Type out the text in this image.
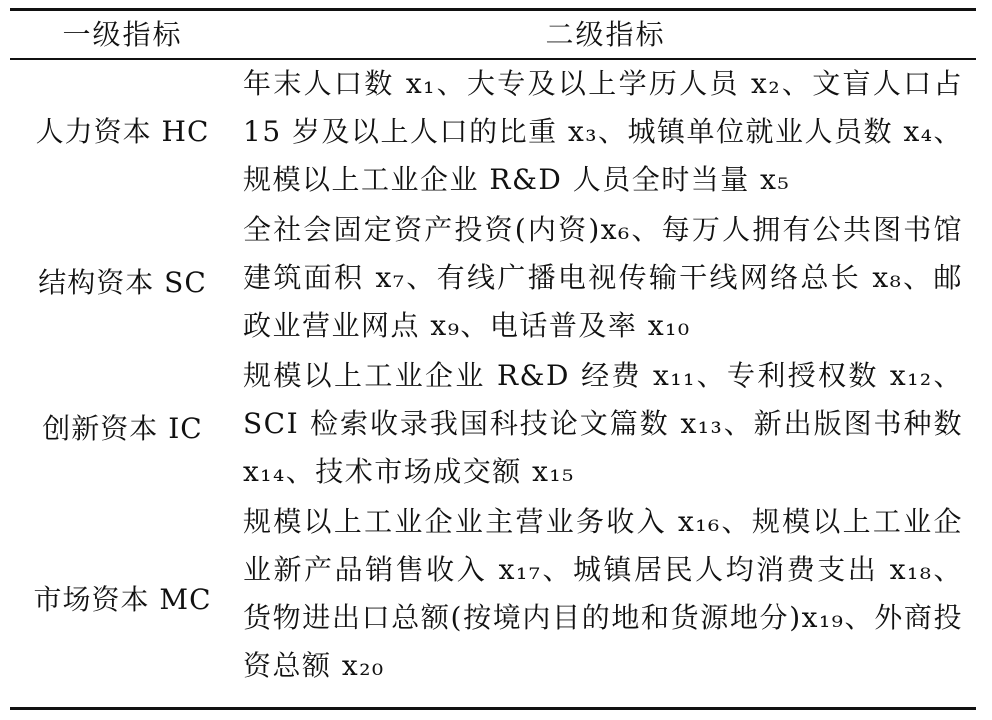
一级指标	二级指标
人力资本 HC
年末人口数 x₁、大专及以上学历人员 x₂、文盲人口占 15 岁及以上人口的比重 x₃、城镇单位就业人员数 x₄、规模以上工业企业 R&D 人员全时当量 x₅
结构资本 SC
全社会固定资产投资(内资)x₆、每万人拥有公共图书馆建筑面积 x₇、有线广播电视传输干线网络总长 x₈、邮政业营业网点 x₉、电话普及率 x₁₀
创新资本 IC
规模以上工业企业 R&D 经费 x₁₁、专利授权数 x₁₂、SCI 检索收录我国科技论文篇数 x₁₃、新出版图书种数 x₁₄、技术市场成交额 x₁₅
市场资本 MC
规模以上工业企业主营业务收入 x₁₆、规模以上工业企业新产品销售收入 x₁₇、城镇居民人均消费支出 x₁₈、货物进出口总额(按境内目的地和货源地分)x₁₉、外商投资总额 x₂₀
